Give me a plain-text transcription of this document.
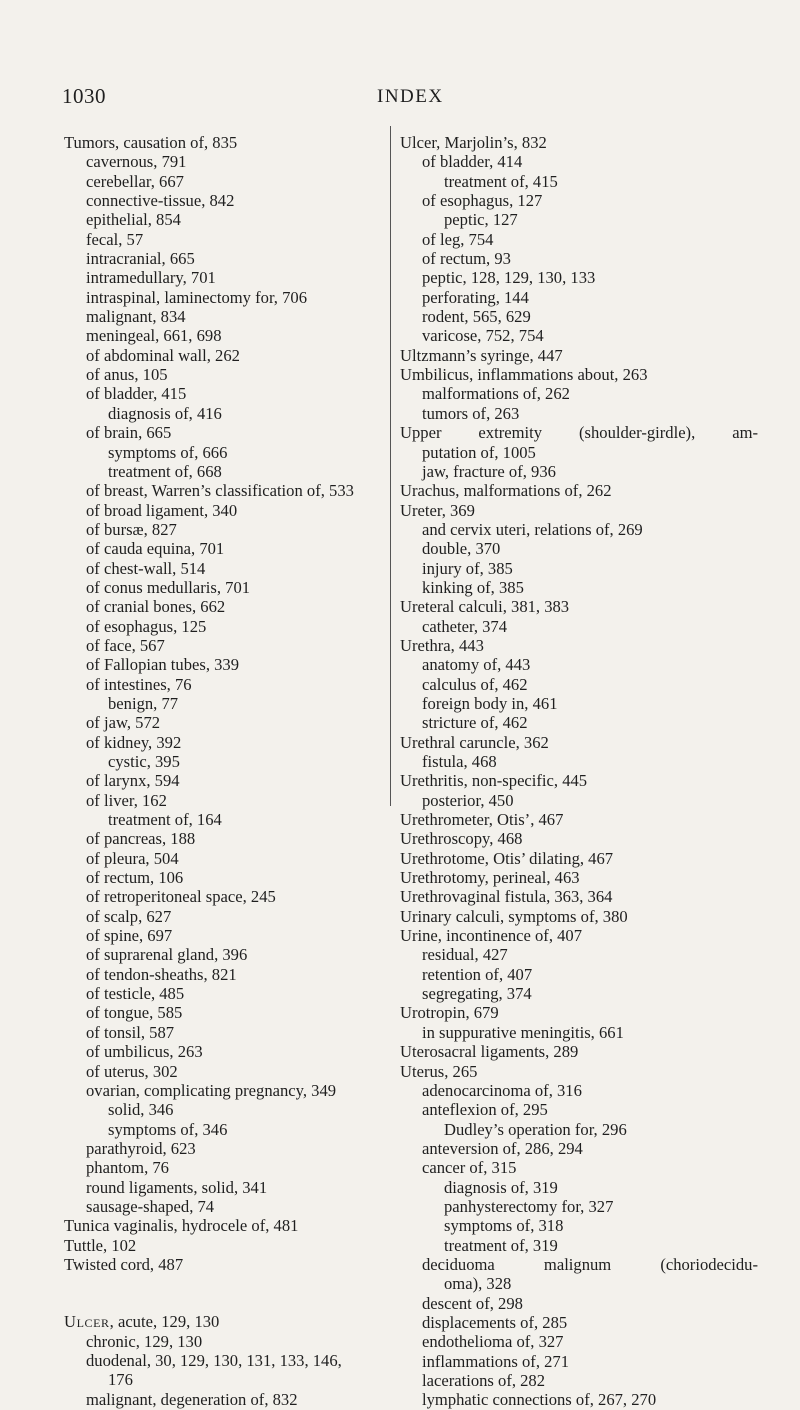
1030	INDEX
Tumors, causation of, 835
cavernous, 791
cerebellar, 667
connective-tissue, 842
epithelial, 854
fecal, 57
intracranial, 665
intramedullary, 701
intraspinal, laminectomy for, 706
malignant, 834
meningeal, 661, 698
of abdominal wall, 262
of anus, 105
of bladder, 415
diagnosis of, 416
of brain, 665
symptoms of, 666
treatment of, 668
of breast, Warren’s classification of, 533
of broad ligament, 340
of bursæ, 827
of cauda equina, 701
of chest-wall, 514
of conus medullaris, 701
of cranial bones, 662
of esophagus, 125
of face, 567
of Fallopian tubes, 339
of intestines, 76
benign, 77
of jaw, 572
of kidney, 392
cystic, 395
of larynx, 594
of liver, 162
treatment of, 164
of pancreas, 188
of pleura, 504
of rectum, 106
of retroperitoneal space, 245
of scalp, 627
of spine, 697
of suprarenal gland, 396
of tendon-sheaths, 821
of testicle, 485
of tongue, 585
of tonsil, 587
of umbilicus, 263
of uterus, 302
ovarian, complicating pregnancy, 349
solid, 346
symptoms of, 346
parathyroid, 623
phantom, 76
round ligaments, solid, 341
sausage-shaped, 74
Tunica vaginalis, hydrocele of, 481
Tuttle, 102
Twisted cord, 487
Ulcer, acute, 129, 130
chronic, 129, 130
duodenal, 30, 129, 130, 131, 133, 146,
176
malignant, degeneration of, 832
Ulcer, Marjolin’s, 832
of bladder, 414
treatment of, 415
of esophagus, 127
peptic, 127
of leg, 754
of rectum, 93
peptic, 128, 129, 130, 133
perforating, 144
rodent, 565, 629
varicose, 752, 754
Ultzmann’s syringe, 447
Umbilicus, inflammations about, 263
malformations of, 262
tumors of, 263
Upper extremity (shoulder-girdle), am-
putation of, 1005
jaw, fracture of, 936
Urachus, malformations of, 262
Ureter, 369
and cervix uteri, relations of, 269
double, 370
injury of, 385
kinking of, 385
Ureteral calculi, 381, 383
catheter, 374
Urethra, 443
anatomy of, 443
calculus of, 462
foreign body in, 461
stricture of, 462
Urethral caruncle, 362
fistula, 468
Urethritis, non-specific, 445
posterior, 450
Urethrometer, Otis’, 467
Urethroscopy, 468
Urethrotome, Otis’ dilating, 467
Urethrotomy, perineal, 463
Urethrovaginal fistula, 363, 364
Urinary calculi, symptoms of, 380
Urine, incontinence of, 407
residual, 427
retention of, 407
segregating, 374
Urotropin, 679
in suppurative meningitis, 661
Uterosacral ligaments, 289
Uterus, 265
adenocarcinoma of, 316
anteflexion of, 295
Dudley’s operation for, 296
anteversion of, 286, 294
cancer of, 315
diagnosis of, 319
panhysterectomy for, 327
symptoms of, 318
treatment of, 319
deciduoma malignum (choriodecidu-
oma), 328
descent of, 298
displacements of, 285
endothelioma of, 327
inflammations of, 271
lacerations of, 282
lymphatic connections of, 267, 270
